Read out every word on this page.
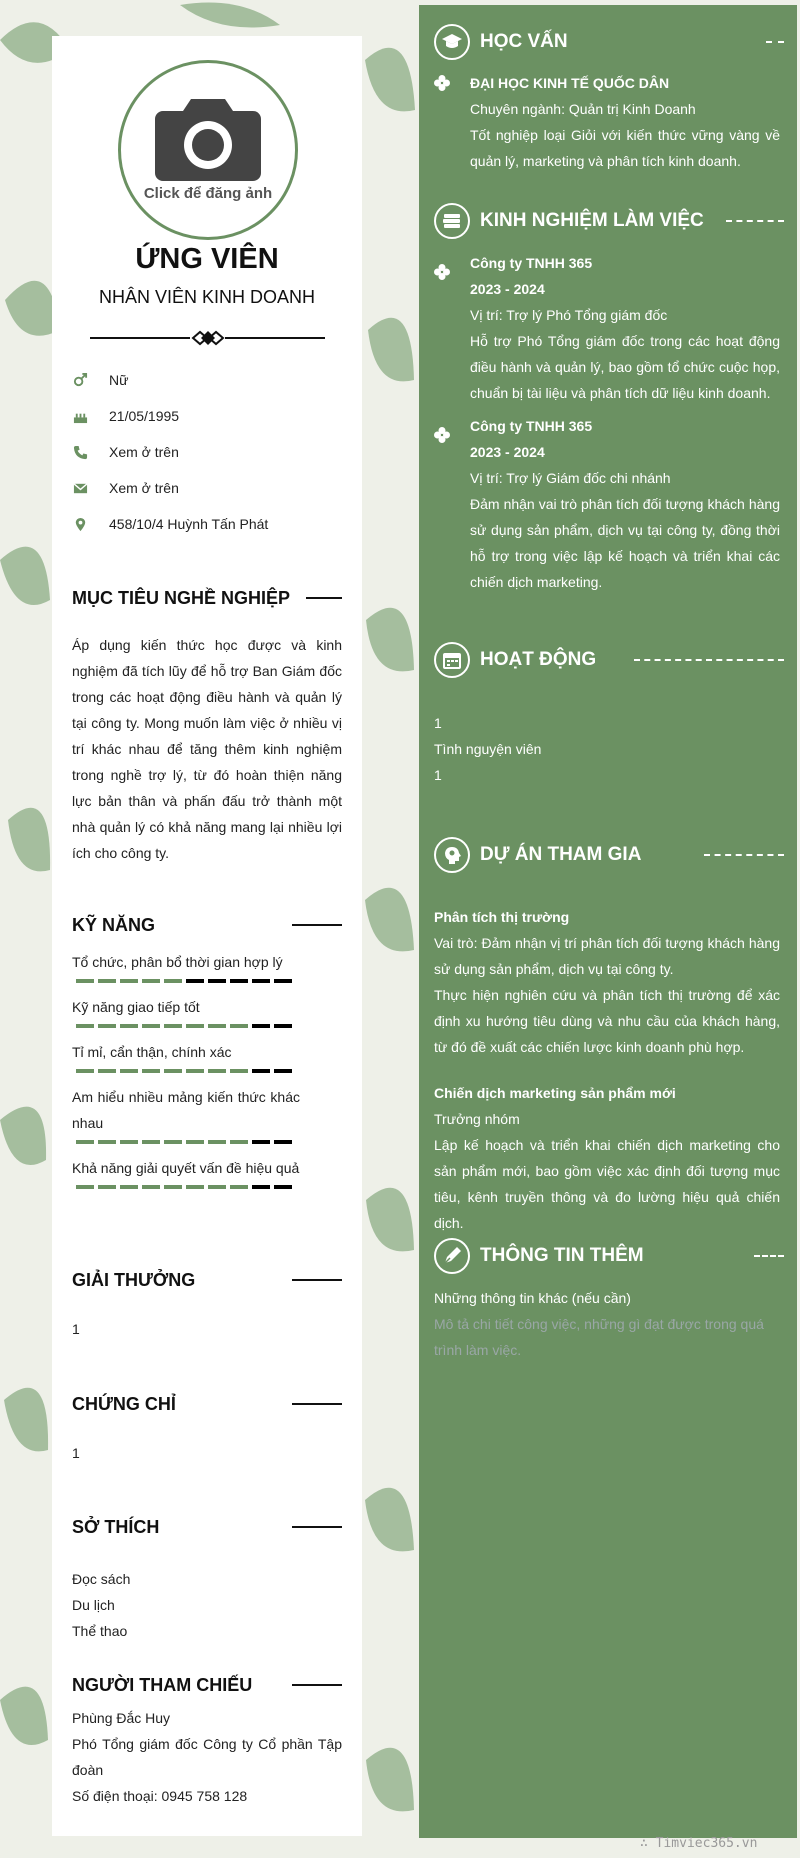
Click để đăng ảnh
ỨNG VIÊN
NHÂN VIÊN KINH DOANH
Nữ
21/05/1995
Xem ở trên
Xem ở trên
458/10/4 Huỳnh Tấn Phát
MỤC TIÊU NGHỀ NGHIỆP
Áp dụng kiến thức học được và kinh nghiệm đã tích lũy để hỗ trợ Ban Giám đốc trong các hoạt động điều hành và quản lý tại công ty. Mong muốn làm việc ở nhiều vị trí khác nhau để tăng thêm kinh nghiệm trong nghề trợ lý, từ đó hoàn thiện năng lực bản thân và phấn đấu trở thành một nhà quản lý có khả năng mang lại nhiều lợi ích cho công ty.
KỸ NĂNG
Tổ chức, phân bổ thời gian hợp lý
Kỹ năng giao tiếp tốt
Tỉ mỉ, cẩn thận, chính xác
Am hiểu nhiều mảng kiến thức khác nhau
Khả năng giải quyết vấn đề hiệu quả
GIẢI THƯỞNG
1
CHỨNG CHỈ
1
SỞ THÍCH
Đọc sách
Du lịch
Thể thao
NGƯỜI THAM CHIẾU
Phùng Đắc Huy
Phó Tổng giám đốc Công ty Cổ phần Tập đoàn
Số điện thoại: 0945 758 128
HỌC VẤN
ĐẠI HỌC KINH TẾ QUỐC DÂN
Chuyên ngành: Quản trị Kinh Doanh
Tốt nghiệp loại Giỏi với kiến thức vững vàng về quản lý, marketing và phân tích kinh doanh.
KINH NGHIỆM LÀM VIỆC
Công ty TNHH 365
2023 - 2024
Vị trí: Trợ lý Phó Tổng giám đốc
Hỗ trợ Phó Tổng giám đốc trong các hoạt động điều hành và quản lý, bao gồm tổ chức cuộc họp, chuẩn bị tài liệu và phân tích dữ liệu kinh doanh.
Công ty TNHH 365
2023 - 2024
Vị trí: Trợ lý Giám đốc chi nhánh
Đảm nhận vai trò phân tích đối tượng khách hàng sử dụng sản phẩm, dịch vụ tại công ty, đồng thời hỗ trợ trong việc lập kế hoạch và triển khai các chiến dịch marketing.
HOẠT ĐỘNG
1
Tình nguyện viên
1
DỰ ÁN THAM GIA
Phân tích thị trường
Vai trò: Đảm nhận vị trí phân tích đối tượng khách hàng sử dụng sản phẩm, dịch vụ tại công ty.
Thực hiện nghiên cứu và phân tích thị trường để xác định xu hướng tiêu dùng và nhu cầu của khách hàng, từ đó đề xuất các chiến lược kinh doanh phù hợp.
Chiến dịch marketing sản phẩm mới
Trưởng nhóm
Lập kế hoạch và triển khai chiến dịch marketing cho sản phẩm mới, bao gồm việc xác định đối tượng mục tiêu, kênh truyền thông và đo lường hiệu quả chiến dịch.
THÔNG TIN THÊM
Những thông tin khác (nếu cần)
Mô tả chi tiết công việc, những gì đạt được trong quá trình làm việc.
∴ Timviec365.vn
